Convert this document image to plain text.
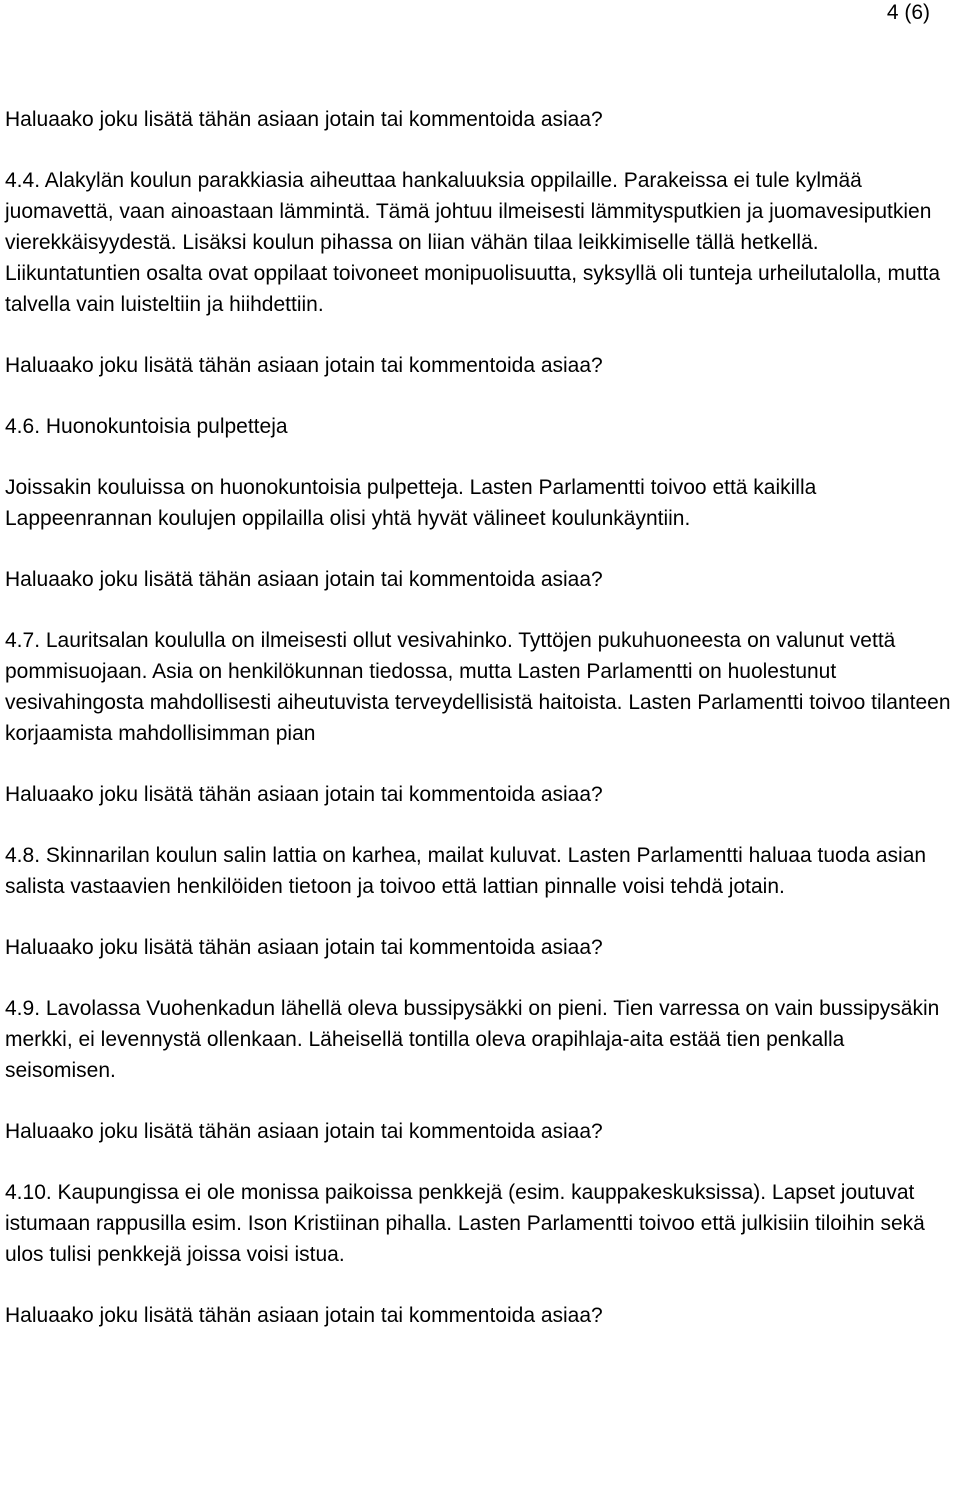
4 (6)

Haluaako joku lisätä tähän asiaan jotain tai kommentoida asiaa?

4.4. Alakylän koulun parakkiasia aiheuttaa hankaluuksia oppilaille. Parakeissa ei tule kylmää juomavettä, vaan ainoastaan lämmintä. Tämä johtuu ilmeisesti lämmitysputkien ja juomavesiputkien vierekkäisyydestä. Lisäksi koulun pihassa on liian vähän tilaa leikkimiselle tällä hetkellä. Liikuntatuntien osalta ovat oppilaat toivoneet monipuolisuutta, syksyllä oli tunteja urheilutalolla, mutta talvella vain luisteltiin ja hiihdettiin.

Haluaako joku lisätä tähän asiaan jotain tai kommentoida asiaa?

4.6. Huonokuntoisia pulpetteja

Joissakin kouluissa on huonokuntoisia pulpetteja. Lasten Parlamentti toivoo että kaikilla Lappeenrannan koulujen oppilailla olisi yhtä hyvät välineet koulunkäyntiin.

Haluaako joku lisätä tähän asiaan jotain tai kommentoida asiaa?

4.7. Lauritsalan koululla on ilmeisesti ollut vesivahinko. Tyttöjen pukuhuoneesta on valunut vettä pommisuojaan. Asia on henkilökunnan tiedossa, mutta Lasten Parlamentti on huolestunut vesivahingosta mahdollisesti aiheutuvista terveydellisistä haitoista. Lasten Parlamentti toivoo tilanteen korjaamista mahdollisimman pian

Haluaako joku lisätä tähän asiaan jotain tai kommentoida asiaa?

4.8. Skinnarilan koulun salin lattia on karhea, mailat kuluvat. Lasten Parlamentti haluaa tuoda asian salista vastaavien henkilöiden tietoon ja toivoo että lattian pinnalle voisi tehdä jotain.

Haluaako joku lisätä tähän asiaan jotain tai kommentoida asiaa?

4.9. Lavolassa Vuohenkadun lähellä oleva bussipysäkki on pieni. Tien varressa on vain bussipysäkin merkki, ei levennystä ollenkaan. Läheisellä tontilla oleva orapihlaja-aita estää tien penkalla seisomisen.

Haluaako joku lisätä tähän asiaan jotain tai kommentoida asiaa?

4.10. Kaupungissa ei ole monissa paikoissa penkkejä (esim. kauppakeskuksissa). Lapset joutuvat istumaan rappusilla esim. Ison Kristiinan pihalla. Lasten Parlamentti toivoo että julkisiin tiloihin sekä ulos tulisi penkkejä joissa voisi istua.

Haluaako joku lisätä tähän asiaan jotain tai kommentoida asiaa?
